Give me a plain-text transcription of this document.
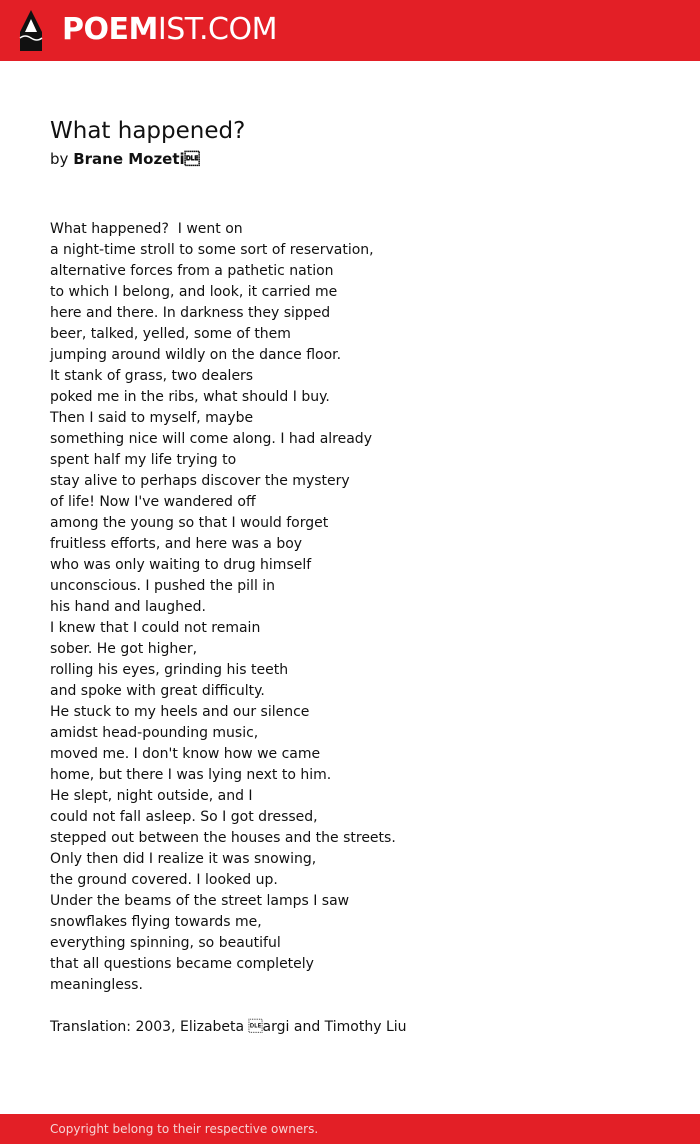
POEMIST.COM
What happened?
by Brane Mozeti
What happened?  I went on
a night-time stroll to some sort of reservation,
alternative forces from a pathetic nation
to which I belong, and look, it carried me
here and there. In darkness they sipped
beer, talked, yelled, some of them
jumping around wildly on the dance floor.
It stank of grass, two dealers
poked me in the ribs, what should I buy.
Then I said to myself, maybe
something nice will come along. I had already
spent half my life trying to
stay alive to perhaps discover the mystery
of life! Now I've wandered off
among the young so that I would forget
fruitless efforts, and here was a boy
who was only waiting to drug himself
unconscious. I pushed the pill in
his hand and laughed.
I knew that I could not remain
sober. He got higher,
rolling his eyes, grinding his teeth
and spoke with great difficulty.
He stuck to my heels and our silence
amidst head-pounding music,
moved me. I don't know how we came
home, but there I was lying next to him.
He slept, night outside, and I
could not fall asleep. So I got dressed,
stepped out between the houses and the streets.
Only then did I realize it was snowing,
the ground covered. I looked up.
Under the beams of the street lamps I saw
snowflakes flying towards me,
everything spinning, so beautiful
that all questions became completely
meaningless.
Translation: 2003, Elizabeta argi and Timothy Liu
Copyright belong to their respective owners.
